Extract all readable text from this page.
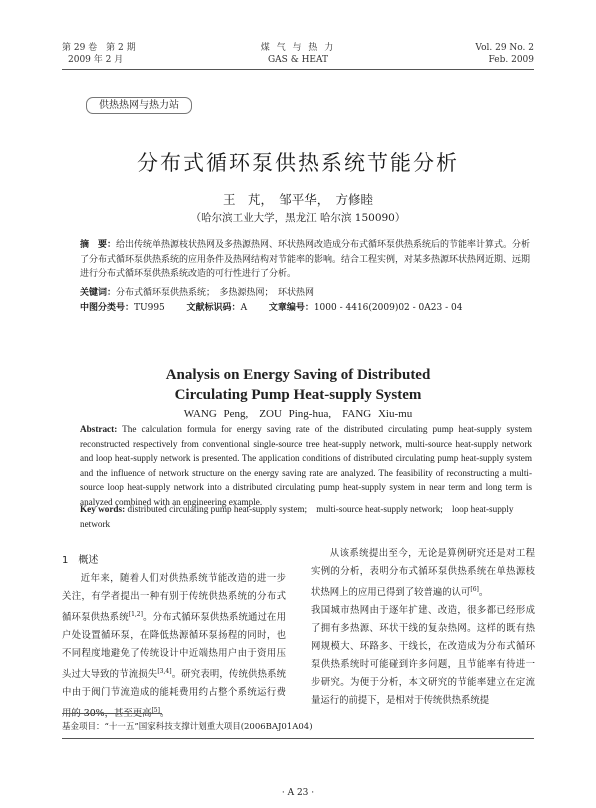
第 29 卷　第 2 期
2009 年 2 月
煤 气 与 热 力
GAS & HEAT
Vol. 29 No. 2
Feb. 2009
供热热网与热力站
分布式循环泵供热系统节能分析
王　芃，　邹平华，　方修睦
（哈尔滨工业大学，黑龙江 哈尔滨 150090）
摘　要：给出传统单热源枝状热网及多热源热网、环状热网改造成分布式循环泵供热系统后的节能率计算式。分析了分布式循环泵供热系统的应用条件及热网结构对节能率的影响。结合工程实例，对某多热源环状热网近期、远期进行分布式循环泵供热系统改造的可行性进行了分析。
关键词：分布式循环泵供热系统；　多热源热网；　环状热网
中图分类号：TU995 文献标识码：A 文章编号：1000 - 4416(2009)02 - 0A23 - 04
Analysis on Energy Saving of Distributed Circulating Pump Heat-supply System
WANG Peng,　ZOU Ping-hua,　FANG Xiu-mu
Abstract: The calculation formula for energy saving rate of the distributed circulating pump heat-supply system reconstructed respectively from conventional single-source tree heat-supply network, multi-source heat-supply network and loop heat-supply network is presented. The application conditions of distributed circulating pump heat-supply system and the influence of network structure on the energy saving rate are analyzed. The feasibility of reconstructing a multi-source loop heat-supply network into a distributed circulating pump heat-supply system in near term and long term is analyzed combined with an engineering example.
Key words: distributed circulating pump heat-supply system;　multi-source heat-supply network;　loop heat-supply network
1　概述

近年来，随着人们对供热系统节能改造的进一步关注，有学者提出一种有别于传统供热系统的分布式循环泵供热系统[1,2]。分布式循环泵供热系统通过在用户处设置循环泵，在降低热源循环泵扬程的同时，也不同程度地避免了传统设计中近端热用户由于资用压头过大导致的节流损失[3,4]。研究表明，传统供热系统中由于阀门节流造成的能耗费用约占整个系统运行费用的 30%，甚至更高[5]。

从该系统提出至今，无论是算例研究还是对工程实例的分析，表明分布式循环泵供热系统在单热源枝状热网上的应用已得到了较普遍的认可[6]。

我国城市热网由于逐年扩建、改造，很多都已经形成了拥有多热源、环状干线的复杂热网。这样的既有热网规模大、环路多、干线长，在改造成为分布式循环泵供热系统时可能碰到许多问题，且节能率有待进一步研究。为便于分析，本文研究的节能率建立在定流量运行的前提下，是相对于传统供热系统提

基金项目：“十一五”国家科技支撑计划重大项目(2006BAJ01A04)
· A 23 ·
